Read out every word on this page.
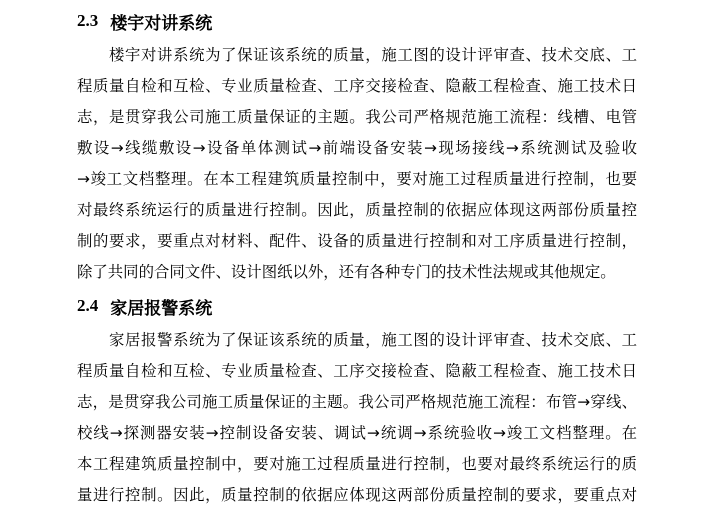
2.3 楼宇对讲系统
楼宇对讲系统为了保证该系统的质量，施工图的设计评审查、技术交底、工
程质量自检和互检、专业质量检查、工序交接检查、隐蔽工程检查、施工技术日
志，是贯穿我公司施工质量保证的主题。我公司严格规范施工流程：线槽、电管
敷设→线缆敷设→设备单体测试→前端设备安装→现场接线→系统测试及验收
→竣工文档整理。在本工程建筑质量控制中，要对施工过程质量进行控制，也要
对最终系统运行的质量进行控制。因此，质量控制的依据应体现这两部份质量控
制的要求，要重点对材料、配件、设备的质量进行控制和对工序质量进行控制，
除了共同的合同文件、设计图纸以外，还有各种专门的技术性法规或其他规定。
2.4 家居报警系统
家居报警系统为了保证该系统的质量，施工图的设计评审查、技术交底、工
程质量自检和互检、专业质量检查、工序交接检查、隐蔽工程检查、施工技术日
志，是贯穿我公司施工质量保证的主题。我公司严格规范施工流程：布管→穿线、
校线→探测器安装→控制设备安装、调试→统调→系统验收→竣工文档整理。在
本工程建筑质量控制中，要对施工过程质量进行控制，也要对最终系统运行的质
量进行控制。因此，质量控制的依据应体现这两部份质量控制的要求，要重点对
